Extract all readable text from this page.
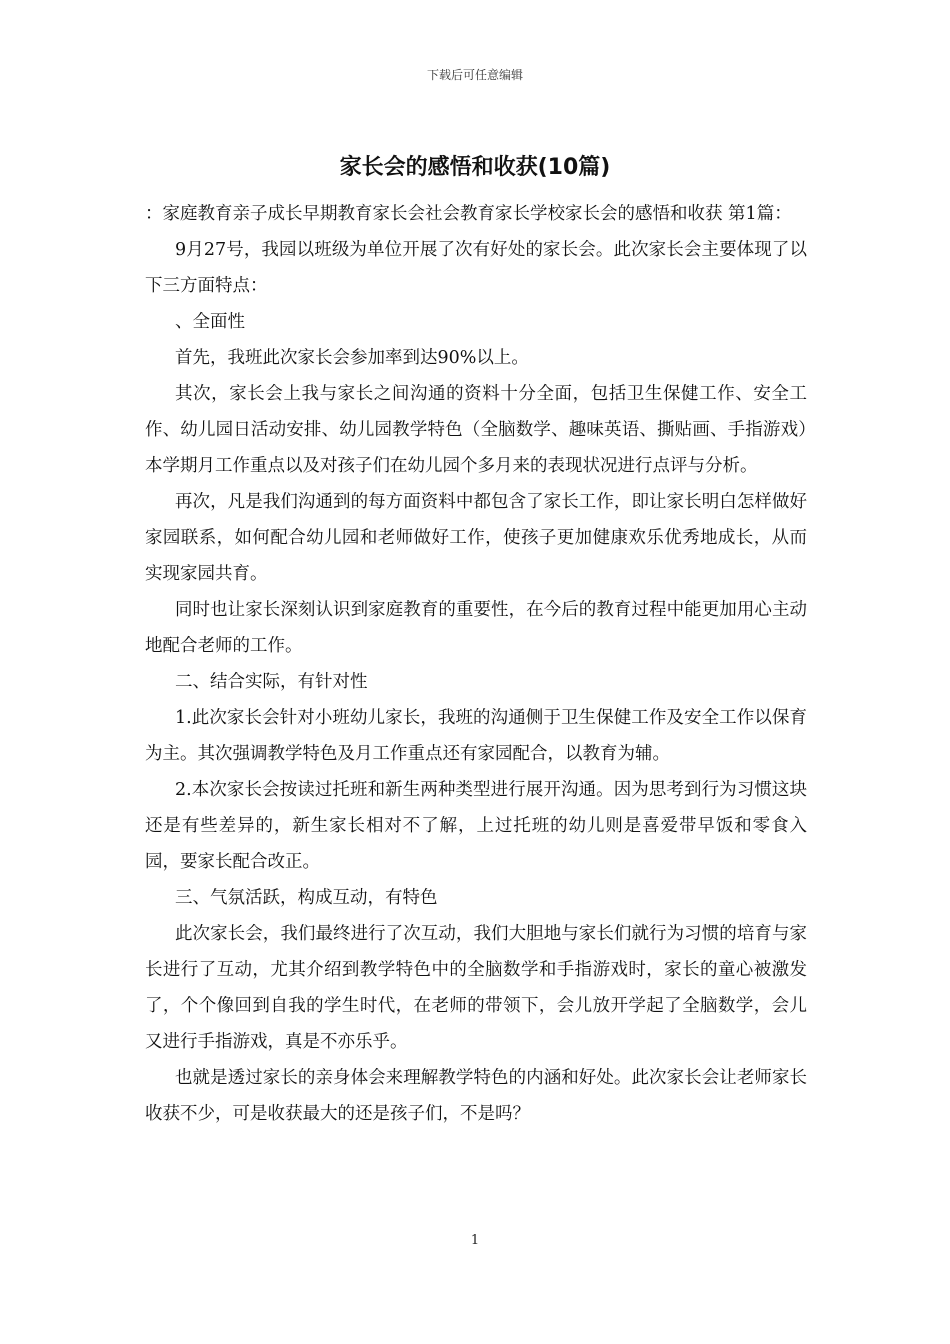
下载后可任意编辑
家长会的感悟和收获(10篇)

：家庭教育亲子成长早期教育家长会社会教育家长学校家长会的感悟和收获 第1篇：

9月27号，我园以班级为单位开展了次有好处的家长会。此次家长会主要体现了以下三方面特点：

、全面性

首先，我班此次家长会参加率到达90%以上。

其次，家长会上我与家长之间沟通的资料十分全面，包括卫生保健工作、安全工作、幼儿园日活动安排、幼儿园教学特色（全脑数学、趣味英语、撕贴画、手指游戏）本学期月工作重点以及对孩子们在幼儿园个多月来的表现状况进行点评与分析。

再次，凡是我们沟通到的每方面资料中都包含了家长工作，即让家长明白怎样做好家园联系，如何配合幼儿园和老师做好工作，使孩子更加健康欢乐优秀地成长，从而实现家园共育。

同时也让家长深刻认识到家庭教育的重要性，在今后的教育过程中能更加用心主动地配合老师的工作。

二、结合实际，有针对性

1.此次家长会针对小班幼儿家长，我班的沟通侧于卫生保健工作及安全工作以保育为主。其次强调教学特色及月工作重点还有家园配合，以教育为辅。

2.本次家长会按读过托班和新生两种类型进行展开沟通。因为思考到行为习惯这块还是有些差异的，新生家长相对不了解，上过托班的幼儿则是喜爱带早饭和零食入园，要家长配合改正。

三、气氛活跃，构成互动，有特色

此次家长会，我们最终进行了次互动，我们大胆地与家长们就行为习惯的培育与家长进行了互动，尤其介绍到教学特色中的全脑数学和手指游戏时，家长的童心被激发了，个个像回到自我的学生时代，在老师的带领下，会儿放开学起了全脑数学，会儿又进行手指游戏，真是不亦乐乎。

也就是透过家长的亲身体会来理解教学特色的内涵和好处。此次家长会让老师家长收获不少，可是收获最大的还是孩子们，不是吗？

1
